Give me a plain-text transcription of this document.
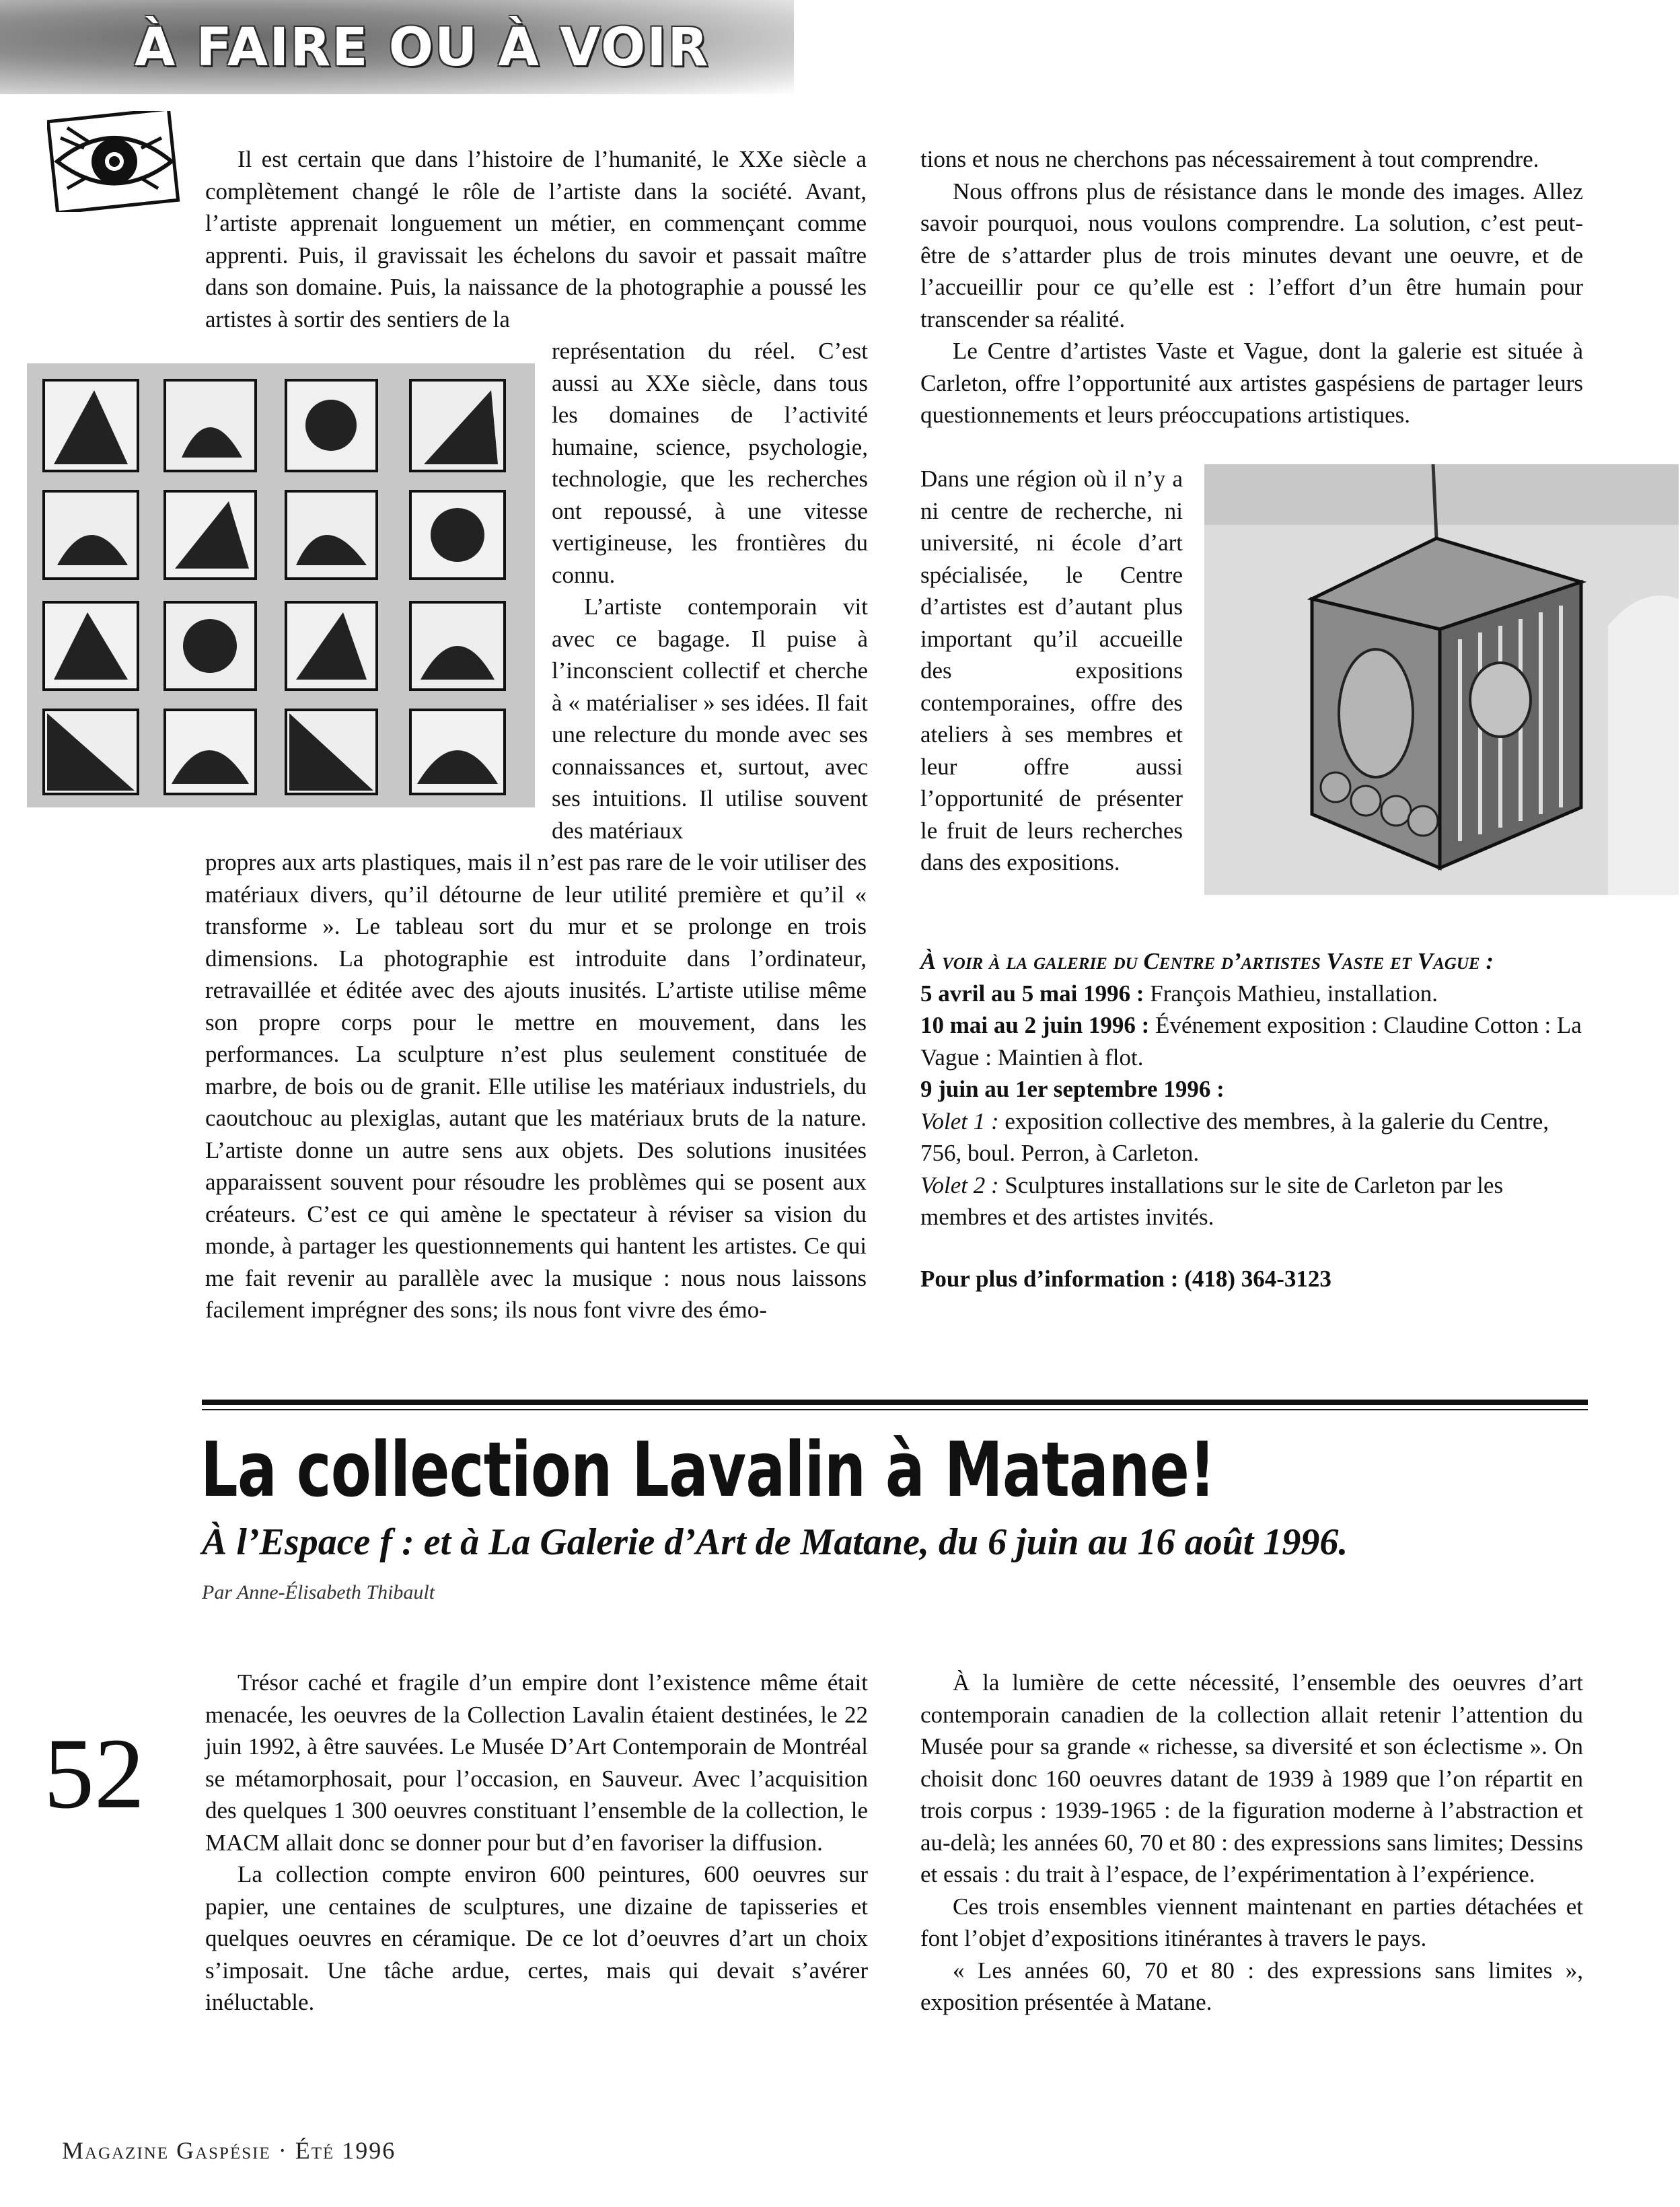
À FAIRE OU À VOIR

Il est certain que dans l’histoire de l’humanité, le XXe siècle a complètement changé le rôle de l’artiste dans la société. Avant, l’artiste apprenait longuement un métier, en commençant comme apprenti. Puis, il gravissait les échelons du savoir et passait maître dans son domaine. Puis, la naissance de la photographie a poussé les artistes à sortir des sentiers de la

représentation du réel. C’est aussi au XXe siècle, dans tous les domaines de l’activité humaine, science, psychologie, technologie, que les recherches ont repoussé, à une vitesse vertigineuse, les frontières du connu.

L’artiste contemporain vit avec ce bagage. Il puise à l’inconscient collectif et cherche à « matérialiser » ses idées. Il fait une relecture du monde avec ses connaissances et, surtout, avec ses intuitions. Il utilise souvent des matériaux

propres aux arts plastiques, mais il n’est pas rare de le voir utiliser des matériaux divers, qu’il détourne de leur utilité première et qu’il « transforme ». Le tableau sort du mur et se prolonge en trois dimensions. La photographie est introduite dans l’ordinateur, retravaillée et éditée avec des ajouts inusités. L’artiste utilise même son propre corps pour le mettre en mouvement, dans les performances. La sculpture n’est plus seulement constituée de marbre, de bois ou de granit. Elle utilise les matériaux industriels, du caoutchouc au plexiglas, autant que les matériaux bruts de la nature. L’artiste donne un autre sens aux objets. Des solutions inusitées apparaissent souvent pour résoudre les problèmes qui se posent aux créateurs. C’est ce qui amène le spectateur à réviser sa vision du monde, à partager les questionnements qui hantent les artistes. Ce qui me fait revenir au parallèle avec la musique : nous nous laissons facilement imprégner des sons; ils nous font vivre des émo-

tions et nous ne cherchons pas nécessairement à tout comprendre.

Nous offrons plus de résistance dans le monde des images. Allez savoir pourquoi, nous voulons comprendre. La solution, c’est peut-être de s’attarder plus de trois minutes devant une oeuvre, et de l’accueillir pour ce qu’elle est : l’effort d’un être humain pour transcender sa réalité.

Le Centre d’artistes Vaste et Vague, dont la galerie est située à Carleton, offre l’opportunité aux artistes gaspésiens de partager leurs questionnements et leurs préoccupations artistiques.

Dans une région où il n’y a ni centre de recherche, ni université, ni école d’art spécialisée, le Centre d’artistes est d’autant plus important qu’il accueille des expositions contemporaines, offre des ateliers à ses membres et leur offre aussi l’opportunité de présenter le fruit de leurs recherches dans des expositions.

À voir à la galerie du Centre d’artistes Vaste et Vague :
5 avril au 5 mai 1996 : François Mathieu, installation.
10 mai au 2 juin 1996 : Événement exposition : Claudine Cotton : La Vague : Maintien à flot.
9 juin au 1er septembre 1996 :
Volet 1 : exposition collective des membres, à la galerie du Centre, 756, boul. Perron, à Carleton.
Volet 2 : Sculptures installations sur le site de Carleton par les membres et des artistes invités.
Pour plus d’information : (418) 364-3123
La collection Lavalin à Matane!
À l’Espace f : et à La Galerie d’Art de Matane, du 6 juin au 16 août 1996.
Par Anne-Élisabeth Thibault
52

Trésor caché et fragile d’un empire dont l’existence même était menacée, les oeuvres de la Collection Lavalin étaient destinées, le 22 juin 1992, à être sauvées. Le Musée D’Art Contemporain de Montréal se métamorphosait, pour l’occasion, en Sauveur. Avec l’acquisition des quelques 1 300 oeuvres constituant l’ensemble de la collection, le MACM allait donc se donner pour but d’en favoriser la diffusion.

La collection compte environ 600 peintures, 600 oeuvres sur papier, une centaines de sculptures, une dizaine de tapisseries et quelques oeuvres en céramique. De ce lot d’oeuvres d’art un choix s’imposait. Une tâche ardue, certes, mais qui devait s’avérer inéluctable.

À la lumière de cette nécessité, l’ensemble des oeuvres d’art contemporain canadien de la collection allait retenir l’attention du Musée pour sa grande « richesse, sa diversité et son éclectisme ». On choisit donc 160 oeuvres datant de 1939 à 1989 que l’on répartit en trois corpus : 1939-1965 : de la figuration moderne à l’abstraction et au-delà; les années 60, 70 et 80 : des expressions sans limites; Dessins et essais : du trait à l’espace, de l’expérimentation à l’expérience.

Ces trois ensembles viennent maintenant en parties détachées et font l’objet d’expositions itinérantes à travers le pays.

« Les années 60, 70 et 80 : des expressions sans limites », exposition présentée à Matane.

Magazine Gaspésie · Été 1996
